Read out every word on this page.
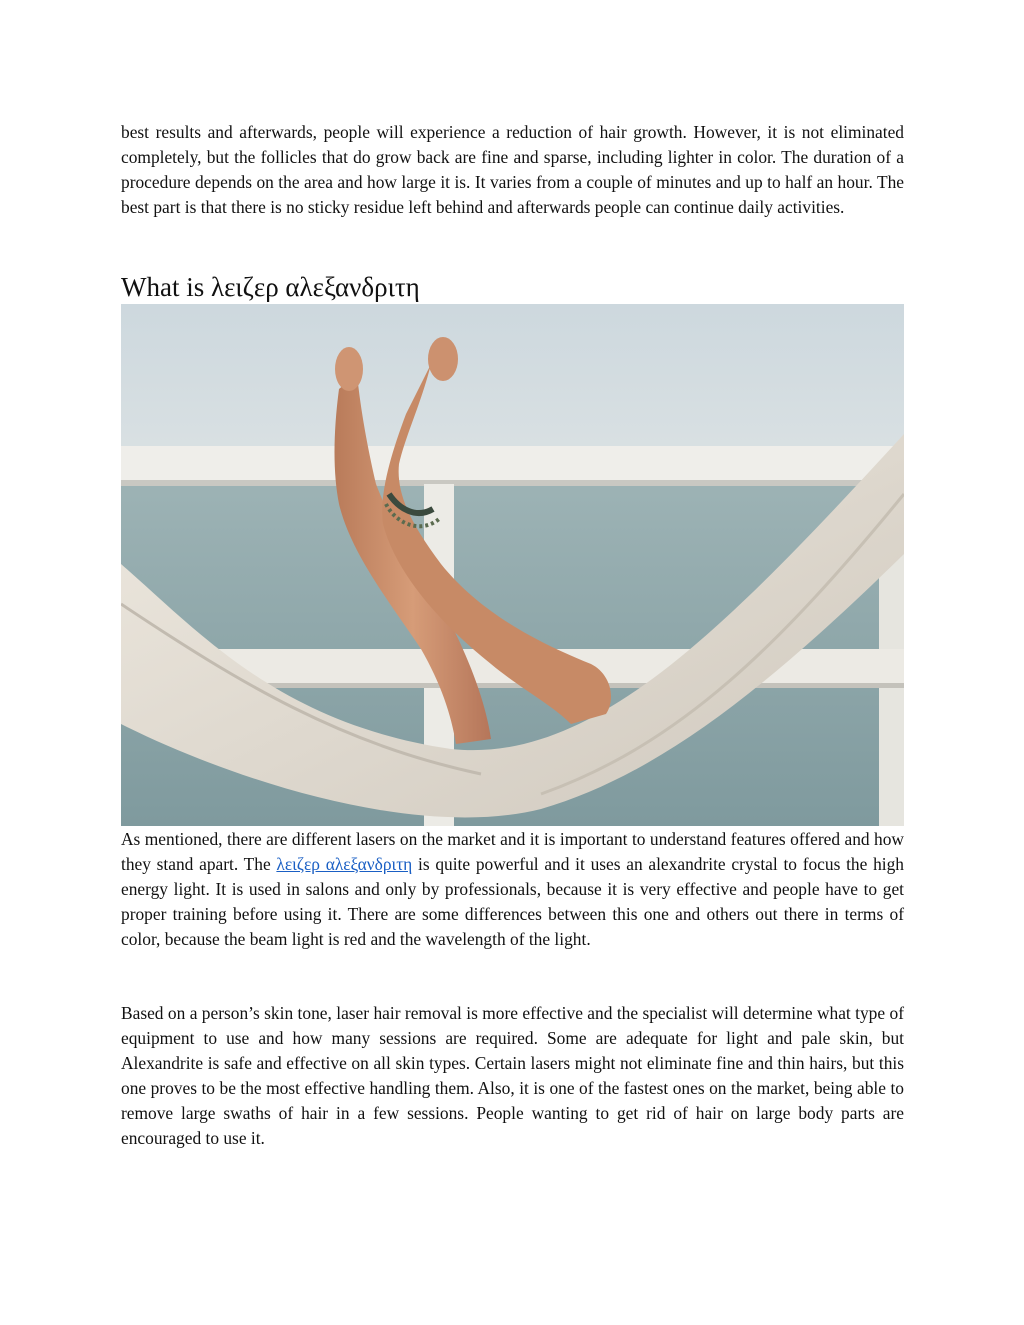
best results and afterwards, people will experience a reduction of hair growth. However, it is not eliminated completely, but the follicles that do grow back are fine and sparse, including lighter in color. The duration of a procedure depends on the area and how large it is. It varies from a couple of minutes and up to half an hour. The best part is that there is no sticky residue left behind and afterwards people can continue daily activities.

What is λειζερ αλεξανδριτη

As mentioned, there are different lasers on the market and it is important to understand features offered and how they stand apart. The λειζερ αλεξανδριτη is quite powerful and it uses an alexandrite crystal to focus the high energy light. It is used in salons and only by professionals, because it is very effective and people have to get proper training before using it. There are some differences between this one and others out there in terms of color, because the beam light is red and the wavelength of the light.

Based on a person’s skin tone, laser hair removal is more effective and the specialist will determine what type of equipment to use and how many sessions are required. Some are adequate for light and pale skin, but Alexandrite is safe and effective on all skin types. Certain lasers might not eliminate fine and thin hairs, but this one proves to be the most effective handling them. Also, it is one of the fastest ones on the market, being able to remove large swaths of hair in a few sessions. People wanting to get rid of hair on large body parts are encouraged to use it.
